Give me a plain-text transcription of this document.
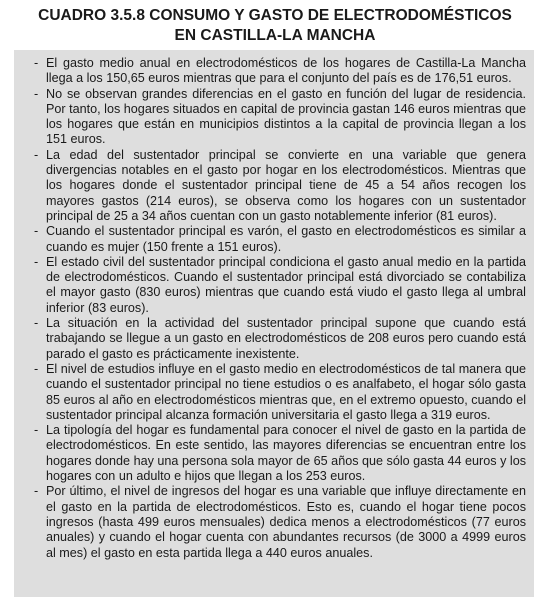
CUADRO 3.5.8 CONSUMO Y GASTO DE ELECTRODOMÉSTICOS
EN CASTILLA-LA MANCHA
- El gasto medio anual en electrodomésticos de los hogares de Castilla-La Mancha llega a los 150,65 euros mientras que para el conjunto del país es de 176,51 euros.
- No se observan grandes diferencias en el gasto en función del lugar de residencia. Por tanto, los hogares situados en capital de provincia gastan 146 euros mientras que los hogares que están en municipios distintos a la capital de provincia llegan a los 151 euros.
- La edad del sustentador principal se convierte en una variable que genera divergencias notables en el gasto por hogar en los electrodomésticos. Mientras que los hogares donde el sustentador principal tiene de 45 a 54 años recogen los mayores gastos (214 euros), se observa como los hogares con un sustentador principal de 25 a 34 años cuentan con un gasto notablemente inferior (81 euros).
- Cuando el sustentador principal es varón, el gasto en electrodomésticos es similar a cuando es mujer (150 frente a 151 euros).
- El estado civil del sustentador principal condiciona el gasto anual medio en la partida de electrodomésticos. Cuando el sustentador principal está divorciado se contabiliza el mayor gasto (830 euros) mientras que cuando está viudo el gasto llega al umbral inferior (83 euros).
- La situación en la actividad del sustentador principal supone que cuando está trabajando se llegue a un gasto en electrodomésticos de 208 euros pero cuando está parado el gasto es prácticamente inexistente.
- El nivel de estudios influye en el gasto medio en electrodomésticos de tal manera que cuando el sustentador principal no tiene estudios o es analfabeto, el hogar sólo gasta 85 euros al año en electrodomésticos mientras que, en el extremo opuesto, cuando el sustentador principal alcanza formación universitaria el gasto llega a 319 euros.
- La tipología del hogar es fundamental para conocer el nivel de gasto en la partida de electrodomésticos. En este sentido, las mayores diferencias se encuentran entre los hogares donde hay una persona sola mayor de 65 años que sólo gasta 44 euros y los hogares con un adulto e hijos que llegan a los 253 euros.
- Por último, el nivel de ingresos del hogar es una variable que influye directamente en el gasto en la partida de electrodomésticos. Esto es, cuando el hogar tiene pocos ingresos (hasta 499 euros mensuales) dedica menos a electrodomésticos (77 euros anuales) y cuando el hogar cuenta con abundantes recursos (de 3000 a 4999 euros al mes) el gasto en esta partida llega a 440 euros anuales.
